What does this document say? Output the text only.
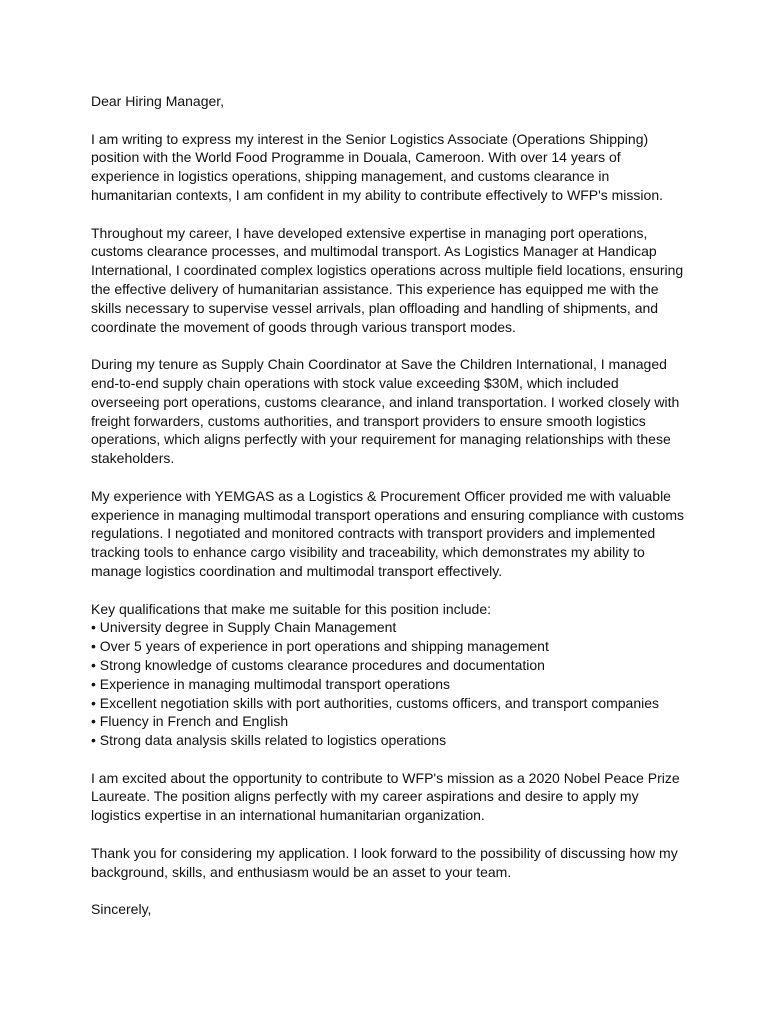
Dear Hiring Manager,

I am writing to express my interest in the Senior Logistics Associate (Operations Shipping)
position with the World Food Programme in Douala, Cameroon. With over 14 years of
experience in logistics operations, shipping management, and customs clearance in
humanitarian contexts, I am confident in my ability to contribute effectively to WFP's mission.

Throughout my career, I have developed extensive expertise in managing port operations,
customs clearance processes, and multimodal transport. As Logistics Manager at Handicap
International, I coordinated complex logistics operations across multiple field locations, ensuring
the effective delivery of humanitarian assistance. This experience has equipped me with the
skills necessary to supervise vessel arrivals, plan offloading and handling of shipments, and
coordinate the movement of goods through various transport modes.

During my tenure as Supply Chain Coordinator at Save the Children International, I managed
end-to-end supply chain operations with stock value exceeding $30M, which included
overseeing port operations, customs clearance, and inland transportation. I worked closely with
freight forwarders, customs authorities, and transport providers to ensure smooth logistics
operations, which aligns perfectly with your requirement for managing relationships with these
stakeholders.

My experience with YEMGAS as a Logistics & Procurement Officer provided me with valuable
experience in managing multimodal transport operations and ensuring compliance with customs
regulations. I negotiated and monitored contracts with transport providers and implemented
tracking tools to enhance cargo visibility and traceability, which demonstrates my ability to
manage logistics coordination and multimodal transport effectively.

Key qualifications that make me suitable for this position include:

• University degree in Supply Chain Management

• Over 5 years of experience in port operations and shipping management

• Strong knowledge of customs clearance procedures and documentation

• Experience in managing multimodal transport operations

• Excellent negotiation skills with port authorities, customs officers, and transport companies

• Fluency in French and English

• Strong data analysis skills related to logistics operations

I am excited about the opportunity to contribute to WFP's mission as a 2020 Nobel Peace Prize
Laureate. The position aligns perfectly with my career aspirations and desire to apply my
logistics expertise in an international humanitarian organization.

Thank you for considering my application. I look forward to the possibility of discussing how my
background, skills, and enthusiasm would be an asset to your team.

Sincerely,
